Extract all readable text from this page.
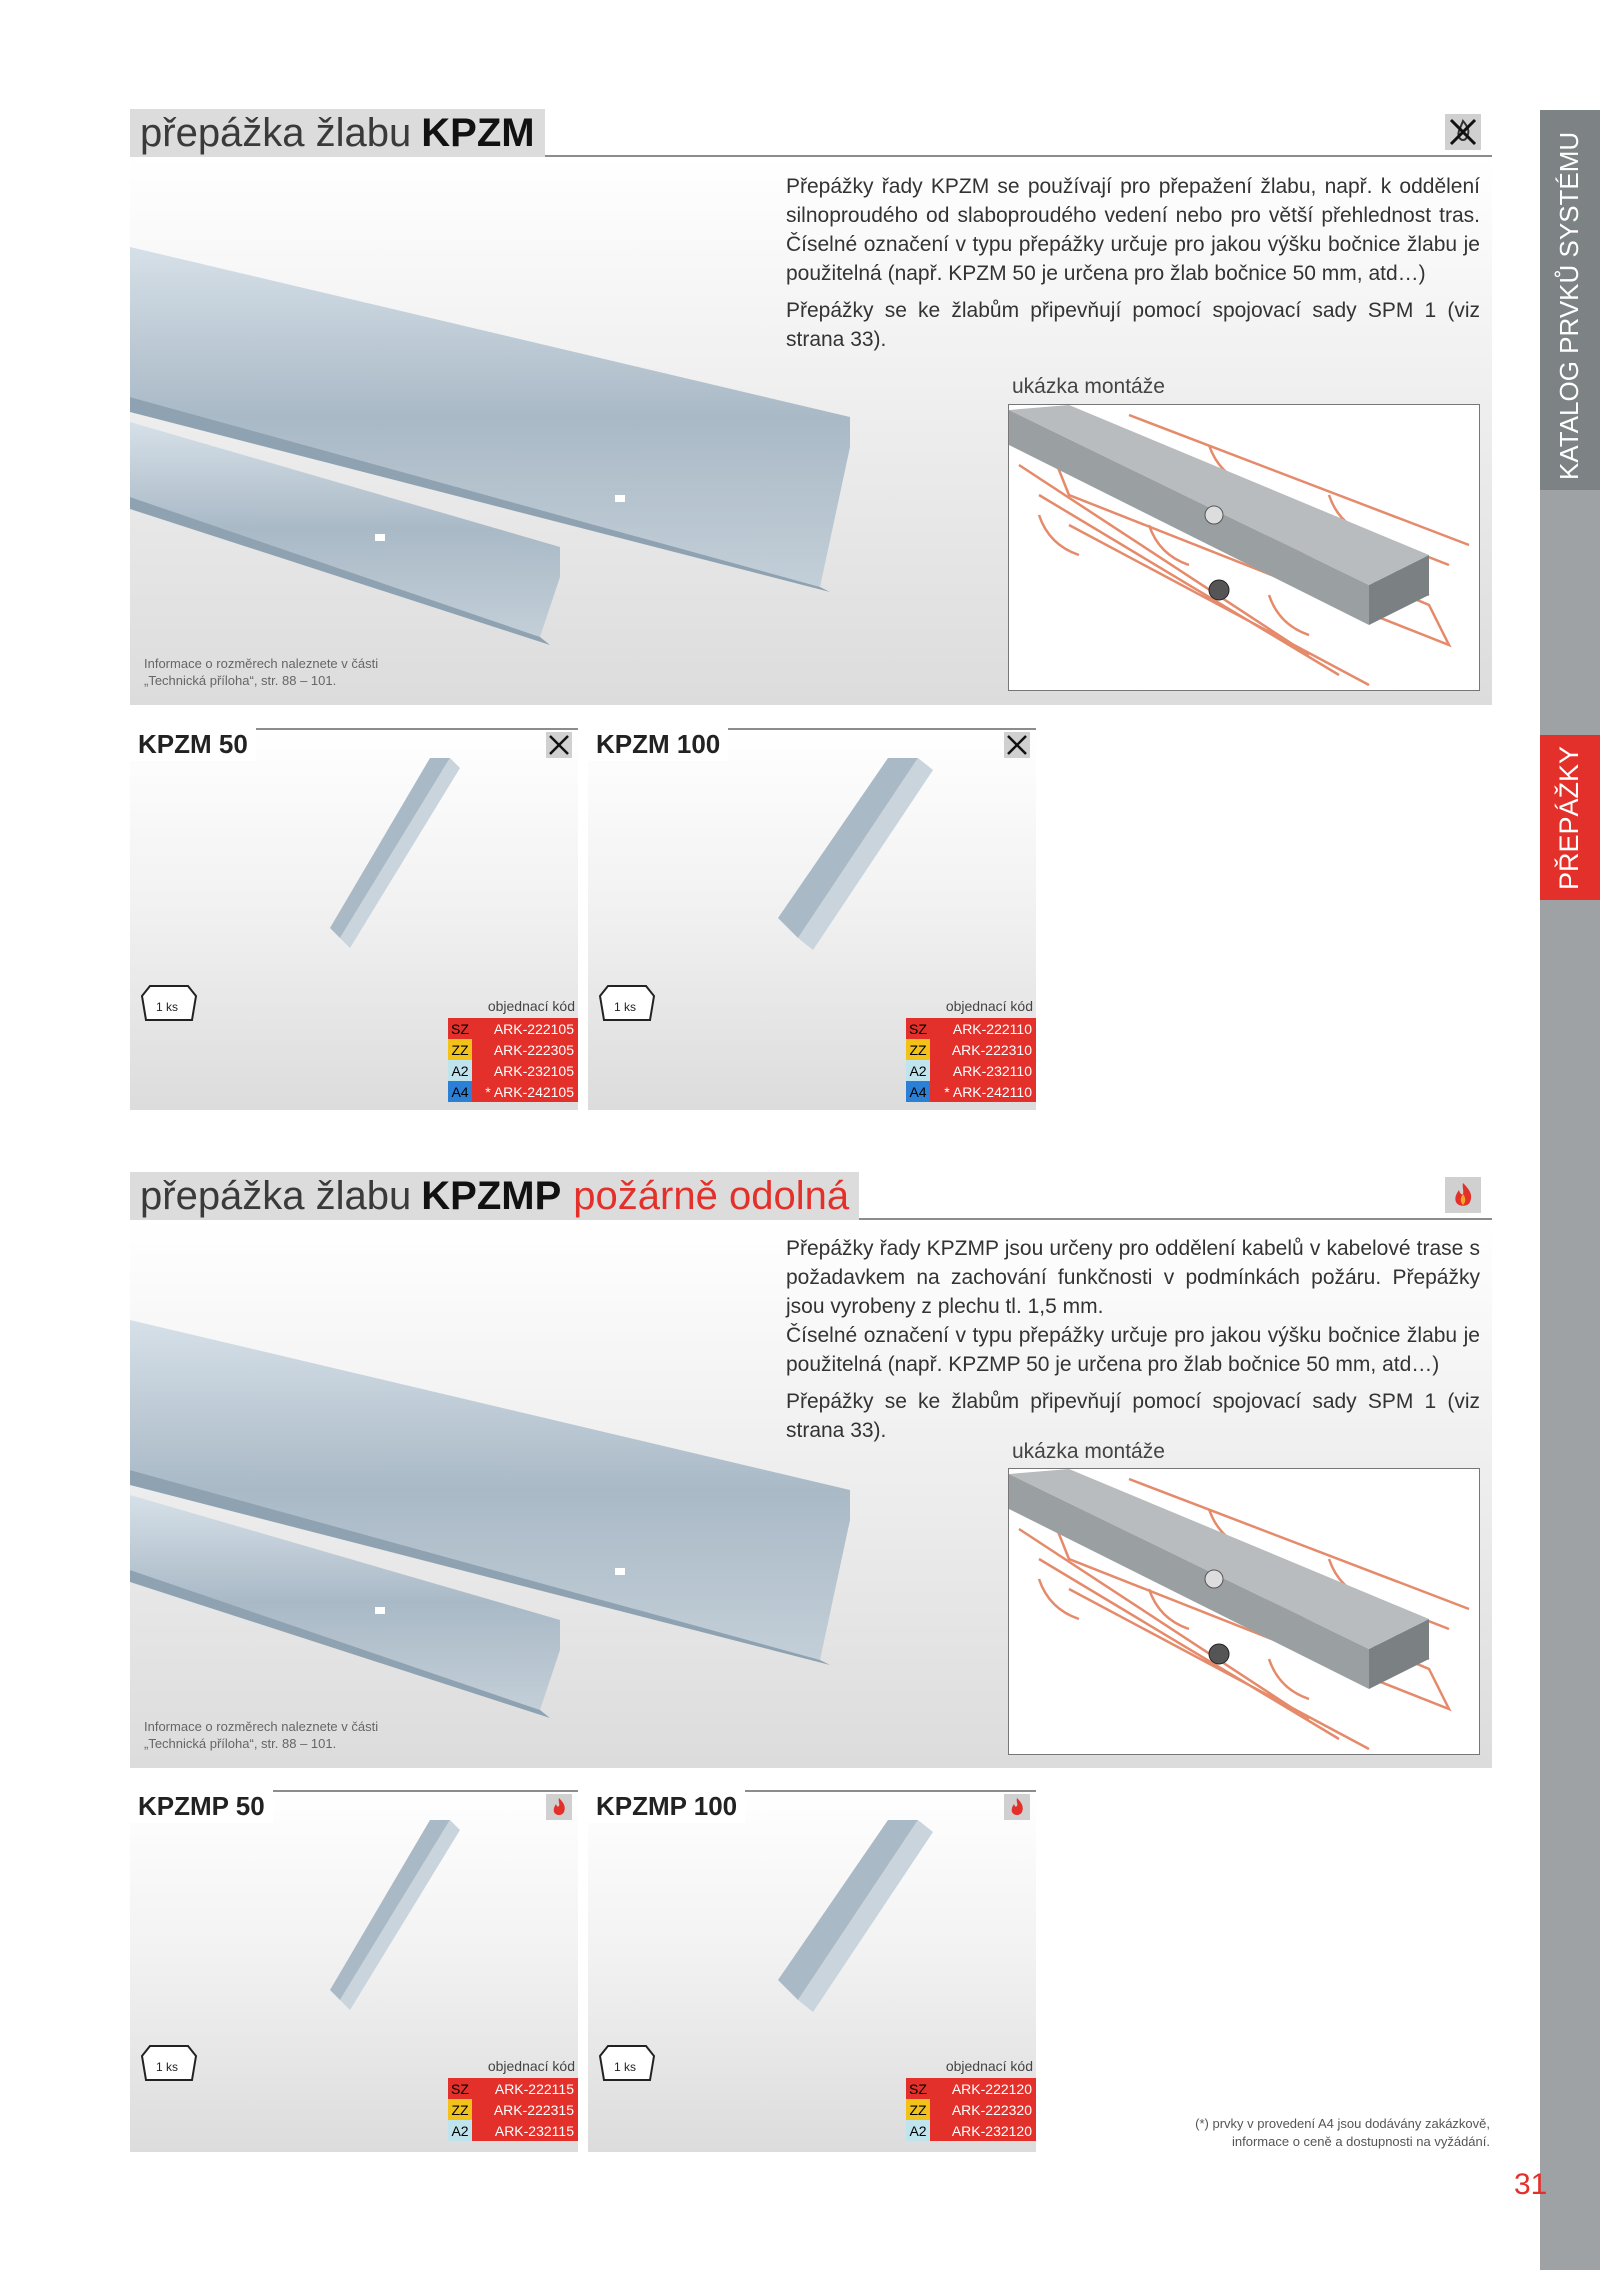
KATALOG PRVKŮ SYSTÉMU
PŘEPÁŽKY
Informace o rozměrech naleznete v části
„Technická příloha“, str. 88 – 101.
přepážka žlabu KPZM

Přepážky řady KPZM se používají pro přepažení žlabu, např. k oddělení silnoproudého od slaboproudého vedení nebo pro větší přehlednost tras. Číselné označení v typu přepážky určuje pro jakou výšku bočnice žlabu je použitelná (např. KPZM 50 je určena pro žlab bočnice 50 mm, atd…)

Přepážky se ke žlabům připevňují pomocí spojovací sady SPM 1 (viz strana 33).

ukázka montáže
KPZM 50
1 ks	objednací kód
SZ	ARK-222105
ZZ	ARK-222305
A2	ARK-232105
A4	* ARK-242105
KPZM 100
1 ks	objednací kód
SZ	ARK-222110
ZZ	ARK-222310
A2	ARK-232110
A4	* ARK-242110
Informace o rozměrech naleznete v části
„Technická příloha“, str. 88 – 101.
přepážka žlabu KPZMP požárně odolná

Přepážky řady KPZMP jsou určeny pro oddělení kabelů v kabelové trase s požadavkem na zachování funkčnosti v podmínkách požáru. Přepážky jsou vyrobeny z plechu tl. 1,5 mm.

Číselné označení v typu přepážky určuje pro jakou výšku bočnice žlabu je použitelná (např. KPZMP 50 je určena pro žlab bočnice 50 mm, atd…)

Přepážky se ke žlabům připevňují pomocí spojovací sady SPM 1 (viz strana 33).

ukázka montáže
KPZMP 50
1 ks	objednací kód
SZ	ARK-222115
ZZ	ARK-222315
A2	ARK-232115
KPZMP 100
1 ks	objednací kód
SZ	ARK-222120
ZZ	ARK-222320
A2	ARK-232120	(*) prvky v provedení A4 jsou dodávány zakázkově,
informace o ceně a dostupnosti na vyžádání.
31
